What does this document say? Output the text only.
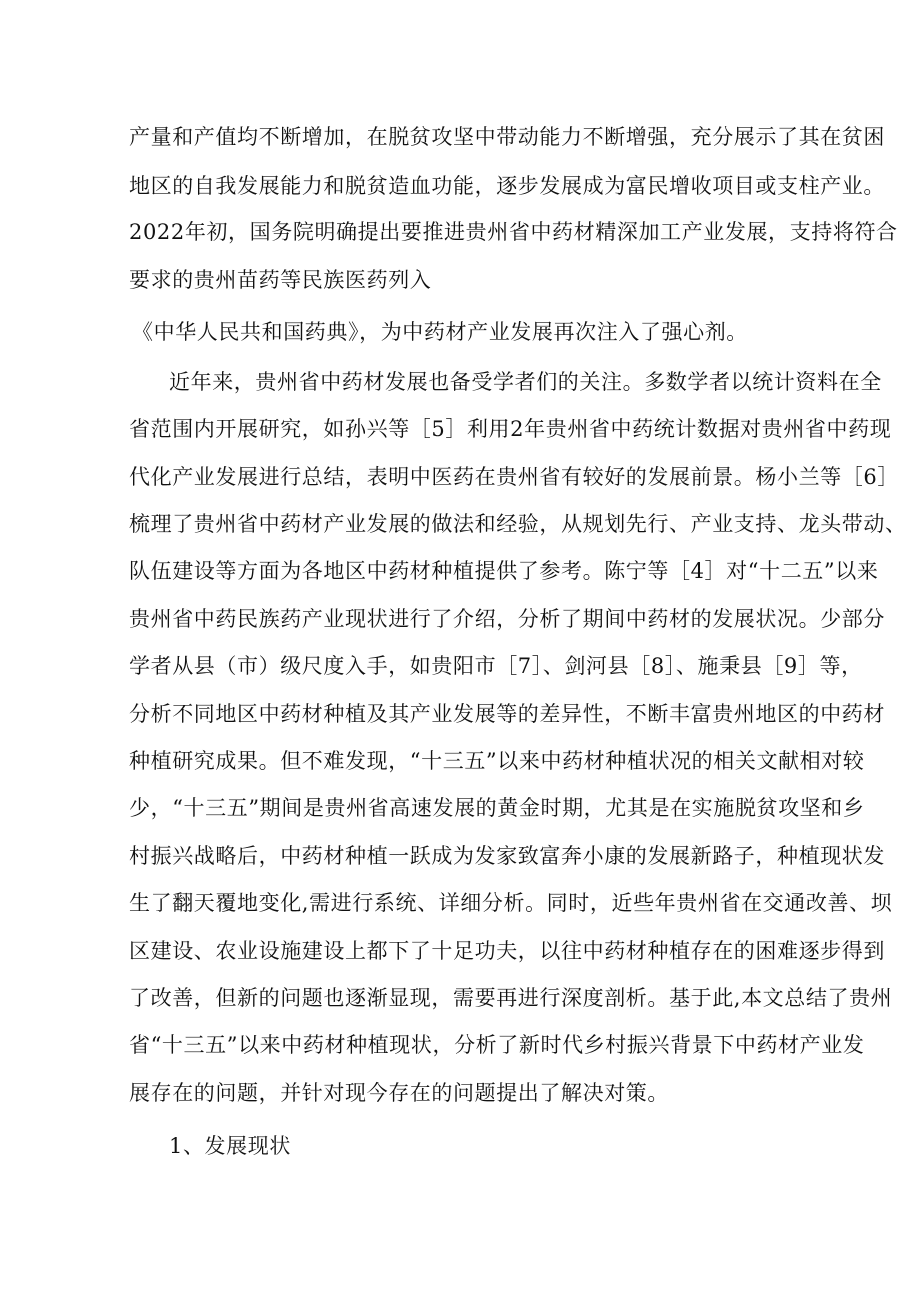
产量和产值均不断增加，在脱贫攻坚中带动能力不断增强，充分展示了其在贫困
地区的自我发展能力和脱贫造血功能，逐步发展成为富民增收项目或支柱产业。
2022年初，国务院明确提出要推进贵州省中药材精深加工产业发展，支持将符合
要求的贵州苗药等民族医药列入
《中华人民共和国药典》，为中药材产业发展再次注入了强心剂。
近年来，贵州省中药材发展也备受学者们的关注。多数学者以统计资料在全
省范围内开展研究，如孙兴等［5］利用2年贵州省中药统计数据对贵州省中药现
代化产业发展进行总结，表明中医药在贵州省有较好的发展前景。杨小兰等［6］
梳理了贵州省中药材产业发展的做法和经验，从规划先行、产业支持、龙头带动、
队伍建设等方面为各地区中药材种植提供了参考。陈宁等［4］对“十二五”以来
贵州省中药民族药产业现状进行了介绍，分析了期间中药材的发展状况。少部分
学者从县（市）级尺度入手，如贵阳市［7］、剑河县［8］、施秉县［9］等，
分析不同地区中药材种植及其产业发展等的差异性，不断丰富贵州地区的中药材
种植研究成果。但不难发现，“十三五”以来中药材种植状况的相关文献相对较
少，“十三五”期间是贵州省高速发展的黄金时期，尤其是在实施脱贫攻坚和乡
村振兴战略后，中药材种植一跃成为发家致富奔小康的发展新路子，种植现状发
生了翻天覆地变化,需进行系统、详细分析。同时，近些年贵州省在交通改善、坝
区建设、农业设施建设上都下了十足功夫，以往中药材种植存在的困难逐步得到
了改善，但新的问题也逐渐显现，需要再进行深度剖析。基于此,本文总结了贵州
省“十三五”以来中药材种植现状，分析了新时代乡村振兴背景下中药材产业发
展存在的问题，并针对现今存在的问题提出了解决对策。
1、发展现状
